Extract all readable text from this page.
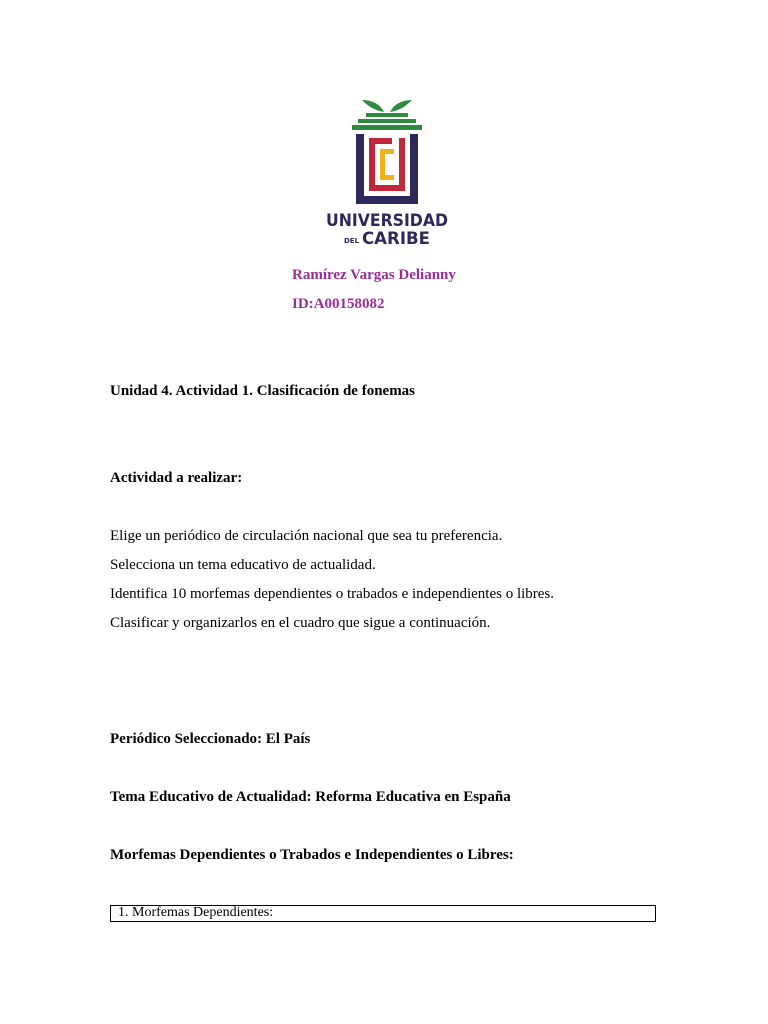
UNIVERSIDAD
DEL CARIBE
Ramírez Vargas Delianny
ID:A00158082
Unidad 4. Actividad 1. Clasificación de fonemas
Actividad a realizar:
Elige un periódico de circulación nacional que sea tu preferencia.
Selecciona un tema educativo de actualidad.
Identifica 10 morfemas dependientes o trabados e independientes o libres.
Clasificar y organizarlos en el cuadro que sigue a continuación.
Periódico Seleccionado: El País
Tema Educativo de Actualidad: Reforma Educativa en España
Morfemas Dependientes o Trabados e Independientes o Libres:
1. Morfemas Dependientes:
